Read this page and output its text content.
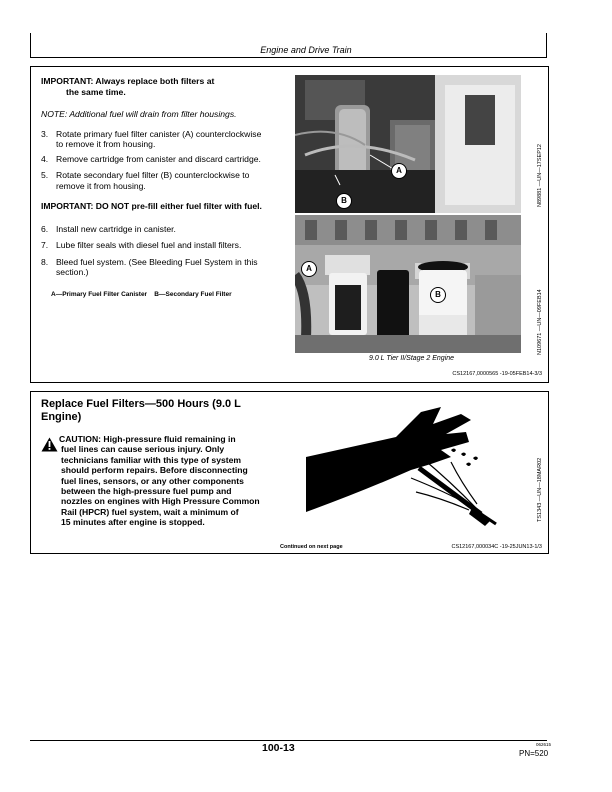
Engine and Drive Train
IMPORTANT: Always replace both filters at
the same time.
NOTE: Additional fuel will drain from filter housings.
3. Rotate primary fuel filter canister (A) counterclockwise
to remove it from housing.
4. Remove cartridge from canister and discard cartridge.
5. Rotate secondary fuel filter (B) counterclockwise to
remove it from housing.
IMPORTANT: DO NOT pre-fill either fuel filter with fuel.
6. Install new cartridge in canister.
7. Lube filter seals with diesel fuel and install filters.
8. Bleed fuel system. (See Bleeding Fuel System in this
section.)
A—Primary Fuel Filter Canister    B—Secondary Fuel Filter
A
B
A
B
N89881 —UN—17SEP12
N109671 —UN—09FEB14
9.0 L Tier II/Stage 2 Engine
CS12167,0000565 -19-05FEB14-3/3
Replace Fuel Filters—500 Hours (9.0 L
Engine)
CAUTION: High-pressure fluid remaining in
fuel lines can cause serious injury. Only
technicians familiar with this type of system
should perform repairs. Before disconnecting
fuel lines, sensors, or any other components
between the high-pressure fuel pump and
nozzles on engines with High Pressure Common
Rail (HPCR) fuel system, wait a minimum of
15 minutes after engine is stopped.
TS1343 —UN—18MAR02
Continued on next page	CS12167,000034C -19-25JUN13-1/3
100-13	062615
PN=520
